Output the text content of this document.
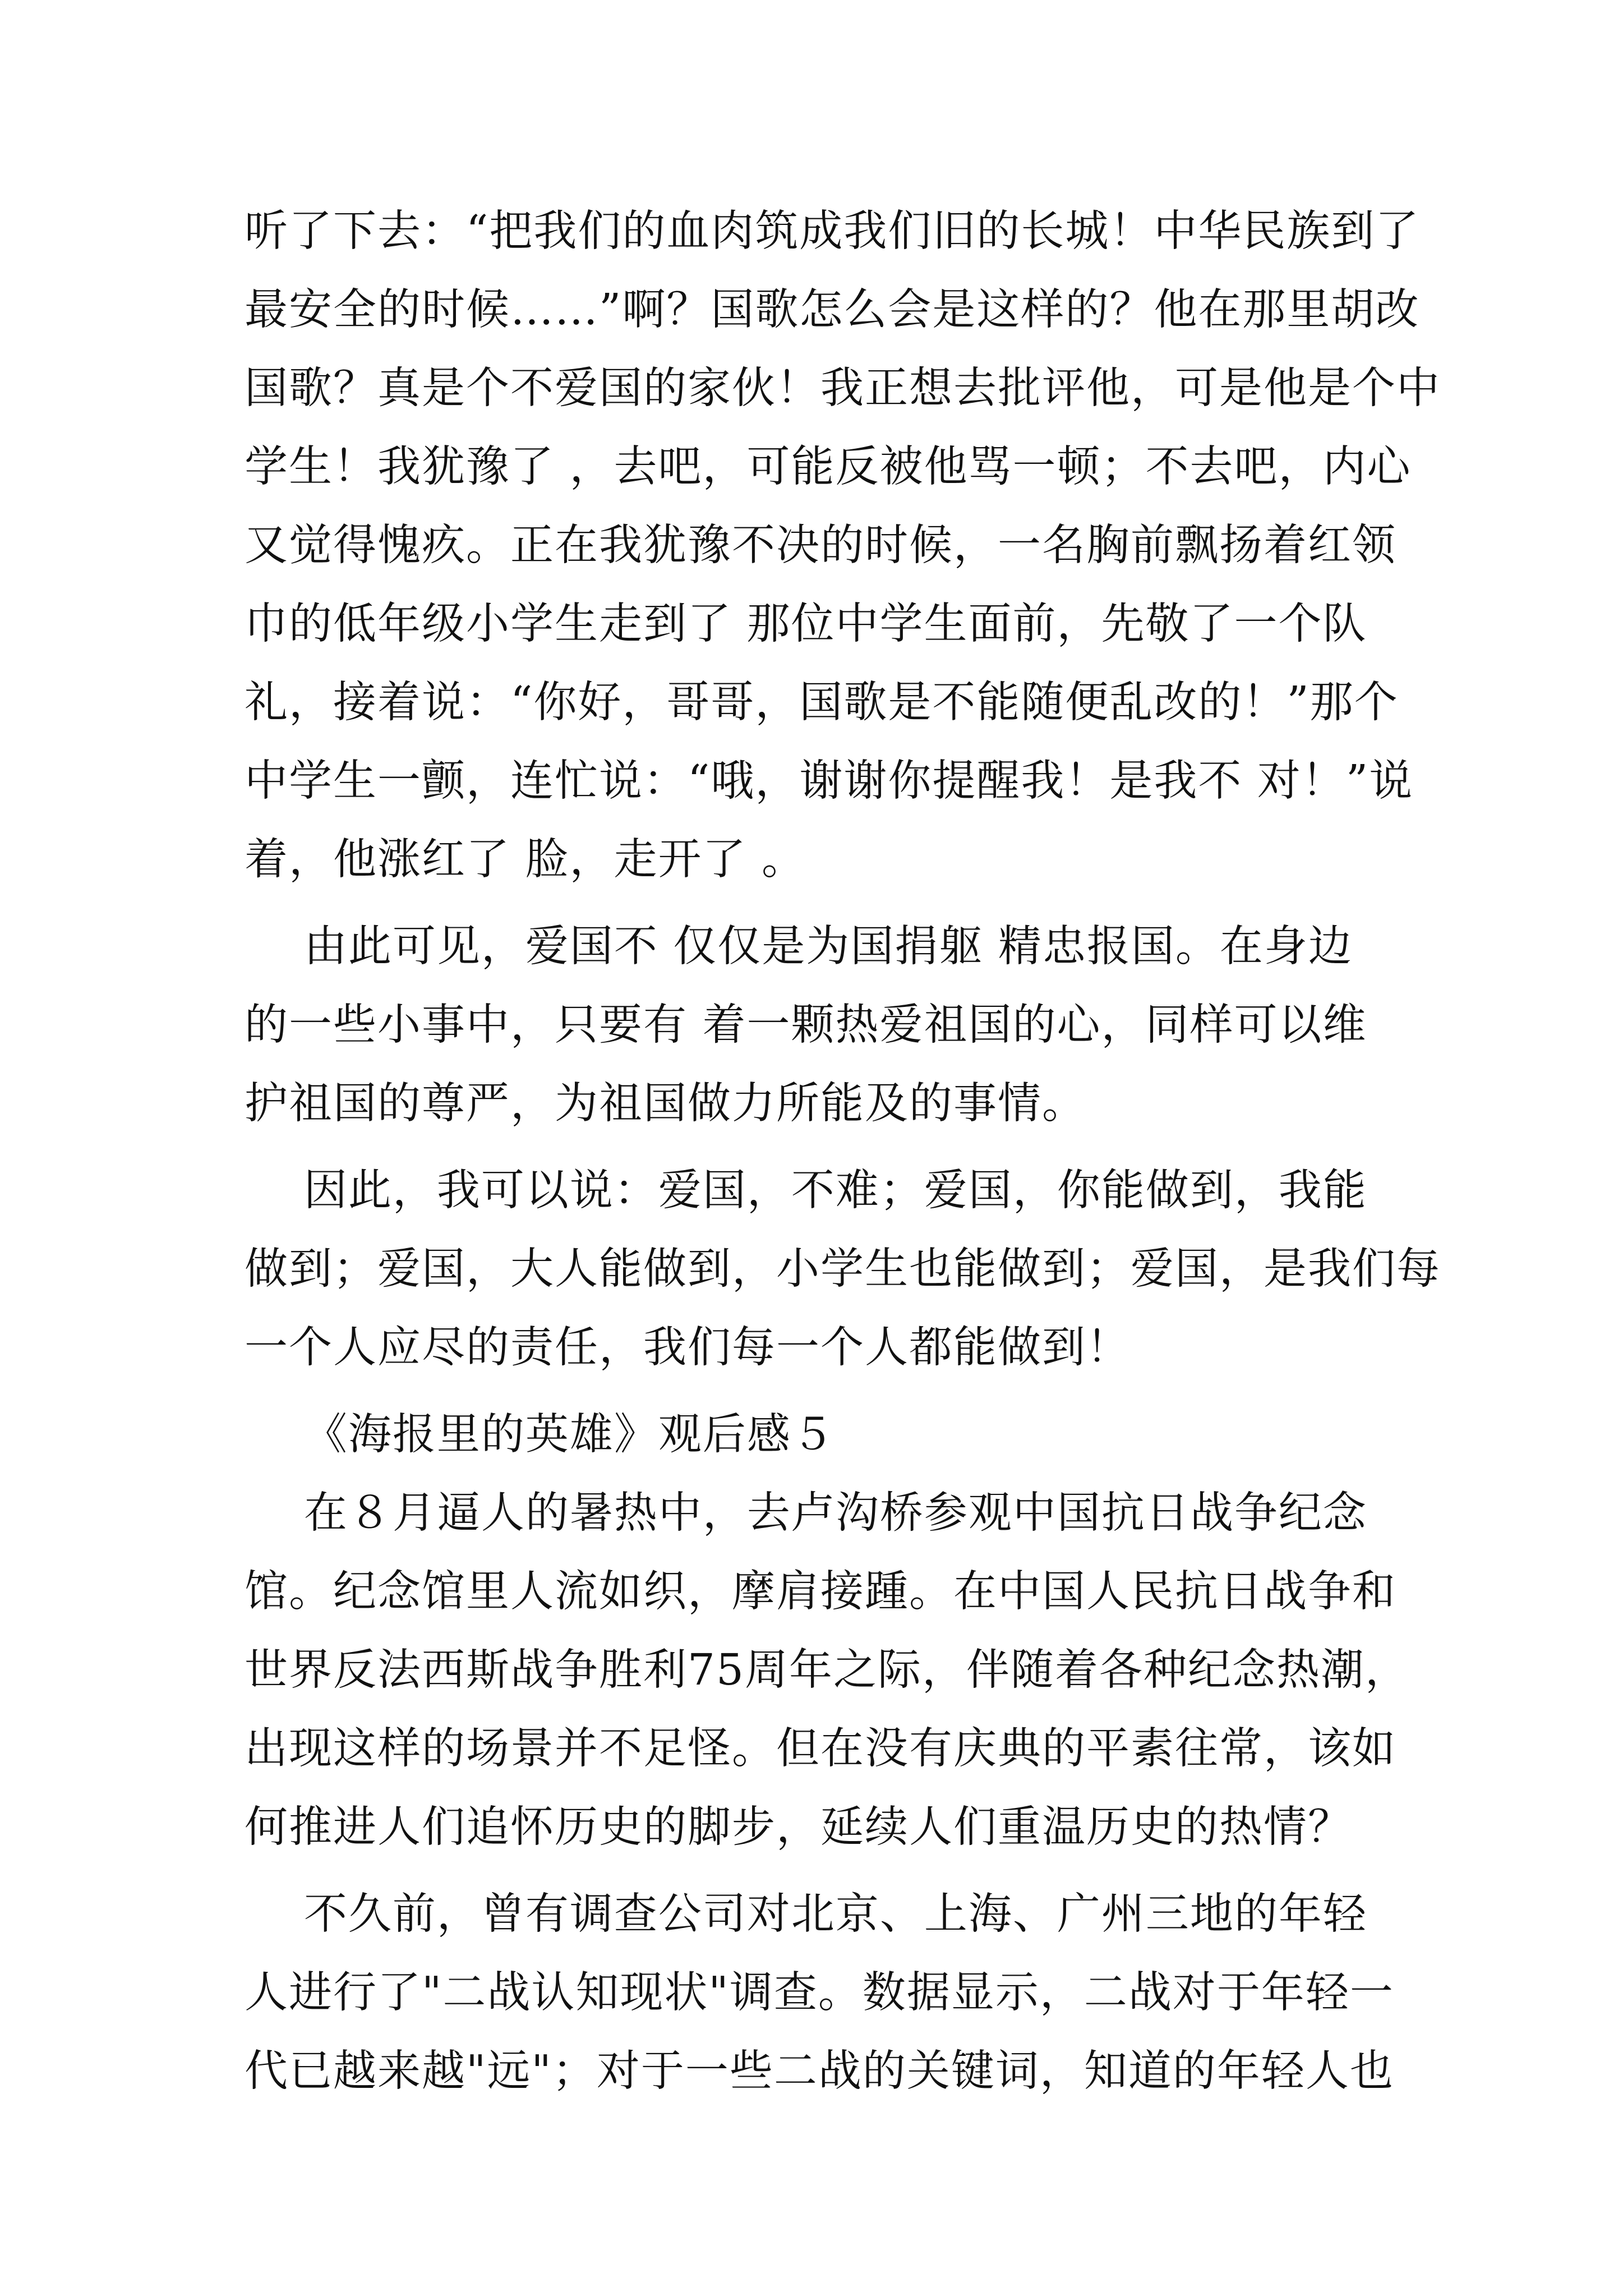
听了下去：“把我们的血肉筑成我们旧的长城！中华民族到了
最安全的时候……”啊？国歌怎么会是这样的？他在那里胡改
国歌？真是个不爱国的家伙！我正想去批评他，可是他是个中
学生！我犹豫了 ，去吧，可能反被他骂一顿；不去吧，内心
又觉得愧疚。正在我犹豫不决的时候，一名胸前飘扬着红领
巾的低年级小学生走到了 那位中学生面前，先敬了一个队
礼，接着说：“你好，哥哥，国歌是不能随便乱改的！”那个
中学生一颤，连忙说：“哦，谢谢你提醒我！是我不 对！”说
着，他涨红了 脸，走开了 。
由此可见，爱国不 仅仅是为国捐躯 精忠报国。在身边
的一些小事中，只要有 着一颗热爱祖国的心，同样可以维
护祖国的尊严，为祖国做力所能及的事情。
因此，我可以说：爱国，不难；爱国，你能做到，我能
做到；爱国，大人能做到，小学生也能做到；爱国，是我们每
一个人应尽的责任，我们每一个人都能做到！
《海报里的英雄》观后感５
在８月逼人的暑热中，去卢沟桥参观中国抗日战争纪念
馆。纪念馆里人流如织，摩肩接踵。在中国人民抗日战争和
世界反法西斯战争胜利75周年之际，伴随着各种纪念热潮，
出现这样的场景并不足怪。但在没有庆典的平素往常，该如
何推进人们追怀历史的脚步，延续人们重温历史的热情？
不久前，曾有调查公司对北京、上海、广州三地的年轻
人进行了"二战认知现状"调查。数据显示，二战对于年轻一
代已越来越"远"；对于一些二战的关键词，知道的年轻人也
